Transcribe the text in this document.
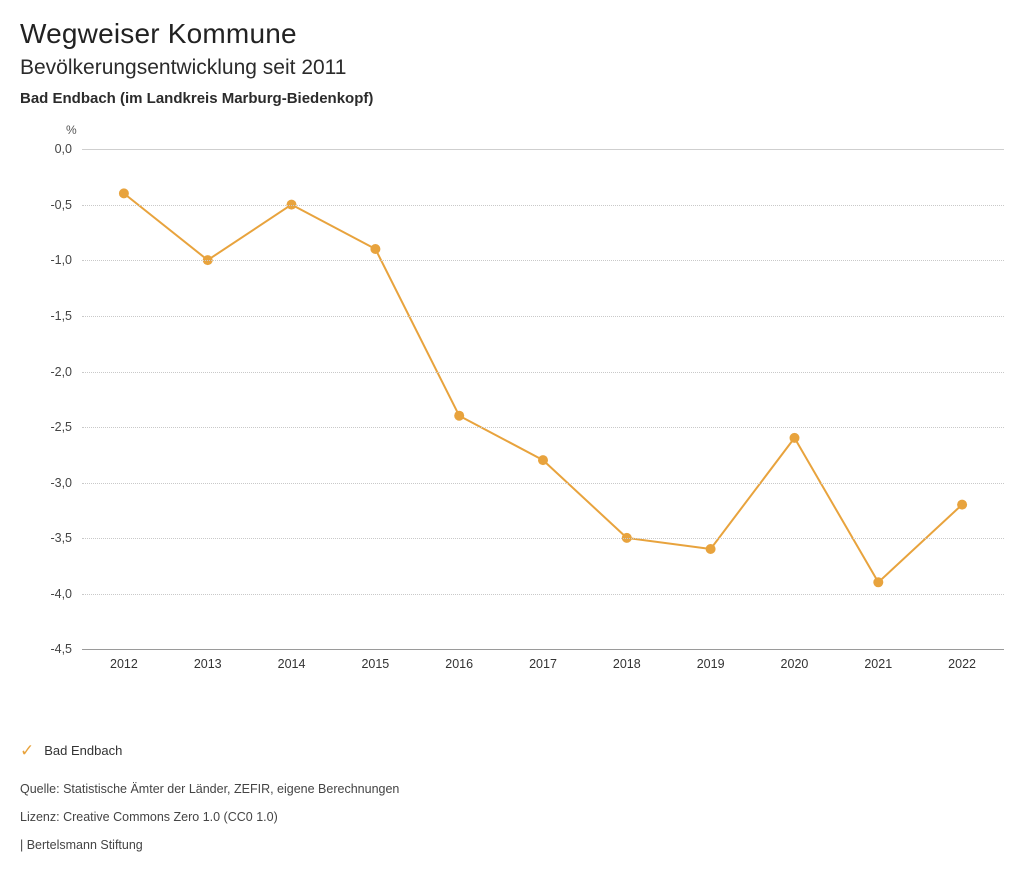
Wegweiser Kommune
Bevölkerungsentwicklung seit 2011
Bad Endbach (im Landkreis Marburg-Biedenkopf)
%
0,0
-0,5
-1,0
-1,5
-2,0
-2,5
-3,0
-3,5
-4,0
-4,5
2012	2013	2014	2015	2016	2017	2018	2019	2020	2021	2022
✓ Bad Endbach
Quelle: Statistische Ämter der Länder, ZEFIR, eigene Berechnungen
Lizenz: Creative Commons Zero 1.0 (CC0 1.0)
| Bertelsmann Stiftung
